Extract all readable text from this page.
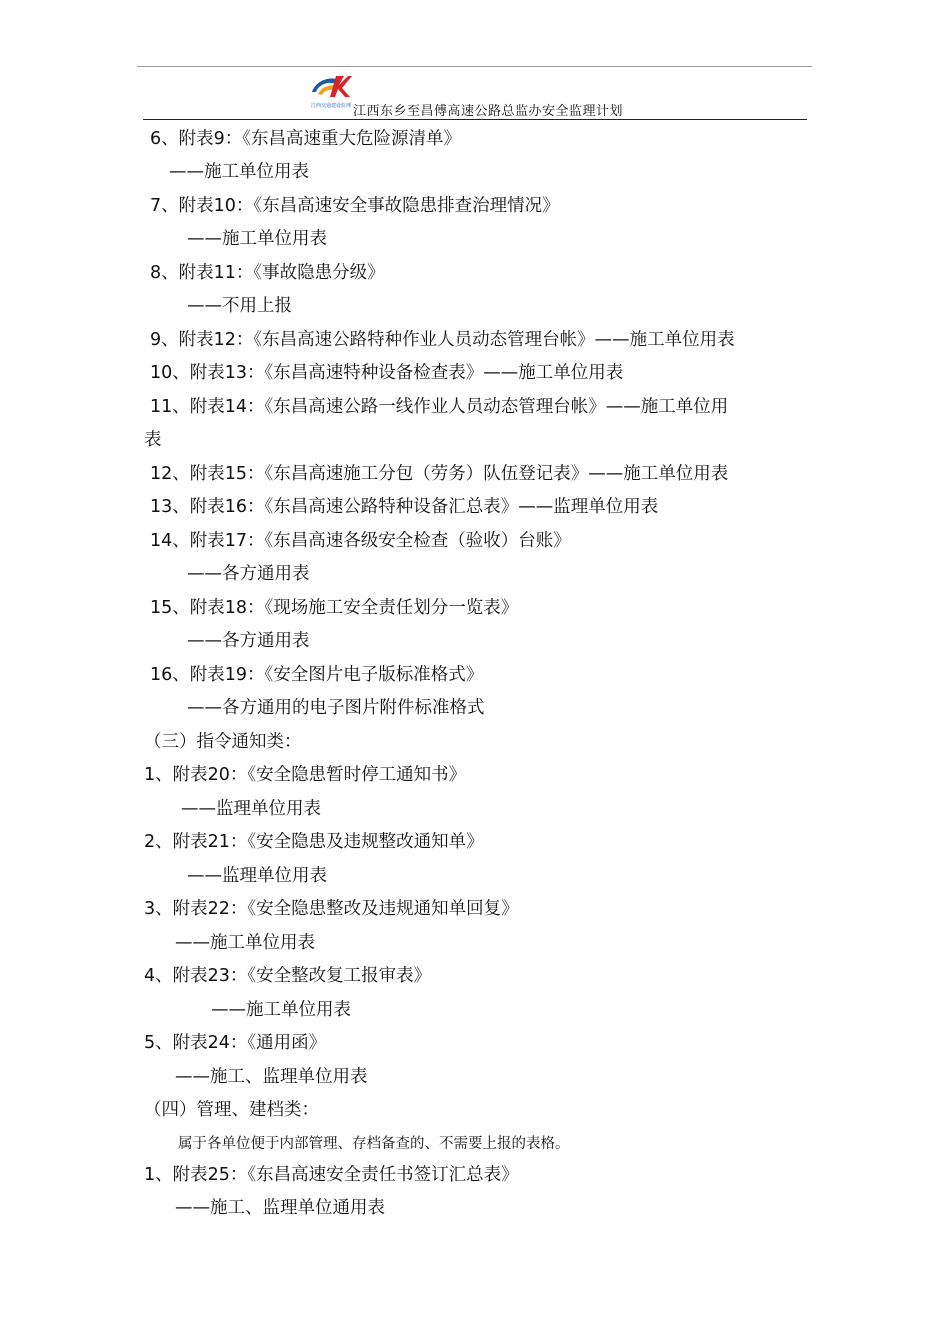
江西交通建设监理 江西东乡至昌傅高速公路总监办安全监理计划
6、附表9：《东昌高速重大危险源清单》
——施工单位用表
7、附表10：《东昌高速安全事故隐患排查治理情况》
——施工单位用表
8、附表11：《事故隐患分级》
——不用上报
9、附表12：《东昌高速公路特种作业人员动态管理台帐》——施工单位用表
10、附表13：《东昌高速特种设备检查表》——施工单位用表
11、附表14：《东昌高速公路一线作业人员动态管理台帐》——施工单位用
表
12、附表15：《东昌高速施工分包（劳务）队伍登记表》——施工单位用表
13、附表16：《东昌高速公路特种设备汇总表》——监理单位用表
14、附表17：《东昌高速各级安全检查（验收）台账》
——各方通用表
15、附表18：《现场施工安全责任划分一览表》
——各方通用表
16、附表19：《安全图片电子版标准格式》
——各方通用的电子图片附件标准格式
（三）指令通知类：
1、附表20：《安全隐患暂时停工通知书》
——监理单位用表
2、附表21：《安全隐患及违规整改通知单》
——监理单位用表
3、附表22：《安全隐患整改及违规通知单回复》
——施工单位用表
4、附表23：《安全整改复工报审表》
——施工单位用表
5、附表24：《通用函》
——施工、监理单位用表
（四）管理、建档类：
属于各单位便于内部管理、存档备查的、不需要上报的表格。
1、附表25：《东昌高速安全责任书签订汇总表》
——施工、监理单位通用表
